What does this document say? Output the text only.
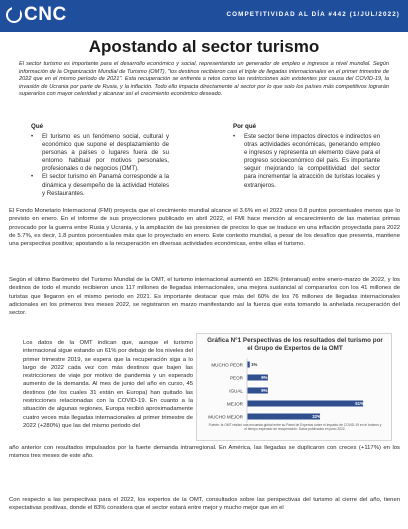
CNC	COMPETITIVIDAD AL DÍA #442 (1/JUL/2022)
Apostando al sector turismo

El sector turismo es importante para el desarrollo económico y social, representando un generador de empleo e ingresos a nivel mundial. Según información de la Organización Mundial de Turismo (OMT), "los destinos recibieron casi el triple de llegadas internacionales en el primer trimestre de 2022 que en el mismo período de 2021". Esta recuperación se enfrenta a retos como las restricciones aún existentes por causa del COVID-19, la invasión de Ucrania por parte de Rusia, y la inflación. Todo ello impacta directamente al sector por lo que solo los países más competitivos lograrán superarlos con mayor celeridad y alcanzar así el crecimiento económico deseado.

Qué
• El turismo es un fenómeno social, cultural y económico que supone el desplazamiento de personas a países o lugares fuera de su entorno habitual por motivos personales, profesionales o de negocios (OMT).
• El sector turismo en Panamá corresponde a la dinámica y desempeño de la actividad Hoteles y Restaurantes.
Por qué
• Este sector tiene impactos directos e indirectos en otras actividades económicas, generando empleo e ingresos y representa un elemento clave para el progreso socioeconómico del país. Es importante seguir mejorando la competitividad del sector para incrementar la atracción de turistas locales y extranjeros.

El Fondo Monetario Internacional (FMI) proyecta que el crecimiento mundial alcance el 3.6% en el 2022 unos 0.8 puntos porcentuales menos que lo previsto en enero. En el informe de sus proyecciones publicado en abril 2022, el FMI hace mención al encarecimiento de las materias primas provocado por la guerra entre Rusia y Ucrania, y la ampliación de las presiones de precios lo que se traduce en una inflación proyectada para 2022 de 5.7%, es decir, 1.8 puntos porcentuales más que lo proyectado en enero. Este contexto mundial, a pesar de los desafíos que presenta, mantiene una perspectiva positiva; apostando a la recuperación en diversas actividades económicas, entre ellas el turismo.

Según el último Barómetro del Turismo Mundial de la OMT, el turismo internacional aumentó en 182% (interanual) entre enero-marzo de 2022, y los destinos de todo el mundo recibieron unos 117 millones de llegadas internacionales, una mejora sustancial al compararlos con los 41 millones de turistas que llegaron en el mismo periodo en 2021. Es importante destacar que más del 60% de los 76 millones de llegadas internacionales adicionales en los primeros tres meses 2022, se registraron en marzo manifestando así la fuerza que esta tomando la anhelada recuperación del sector.

Los datos de la OMT indican que, aunque el turismo internacional sigue estando un 61% por debajo de los niveles del primer trimestre 2019, se espera que la recuperación siga a lo largo de 2022 cada vez con más destinos que bajen las restricciones de viaje por motivo de pandemia y un esperado aumento de la demanda. Al mes de junio del año en curso, 45 destinos (de los cuales 31 están en Europa) han quitado las restricciones relacionadas con la COVID-19. En cuanto a la situación de algunas regiones, Europa recibió aproximadamente cuatro veces más llegadas internacionales al primer trimestre de 2022 (+280%) que las del mismo periodo del

año anterior con resultados impulsados por la fuerte demanda intrarregional. En América, las llegadas se duplicaron con creces (+117%) en los mismos tres meses de este año.

Gráfica N°1 Perspectivas de los resultados del turismo por el Grupo de Expertos de la OMT
MUCHO PEOR 1%
PEOR	9%
IGUAL	9%
MEJOR	51%
MUCHO MEJOR	32%
Fuente: la OMT realizó una encuesta global entre su Panel de Expertos sobre el impacto de COVID-19 en el turismo y el tiempo esperado de recuperación. Datos publicados en junio 2022.

Con respecto a las perspectivas para el 2022, los expertos de la OMT, consultados sobre las perspectivas del turismo al cierre del año, tienen expectativas positivas, donde el 83% considera que el sector estará entre mejor y mucho mejor que en el
